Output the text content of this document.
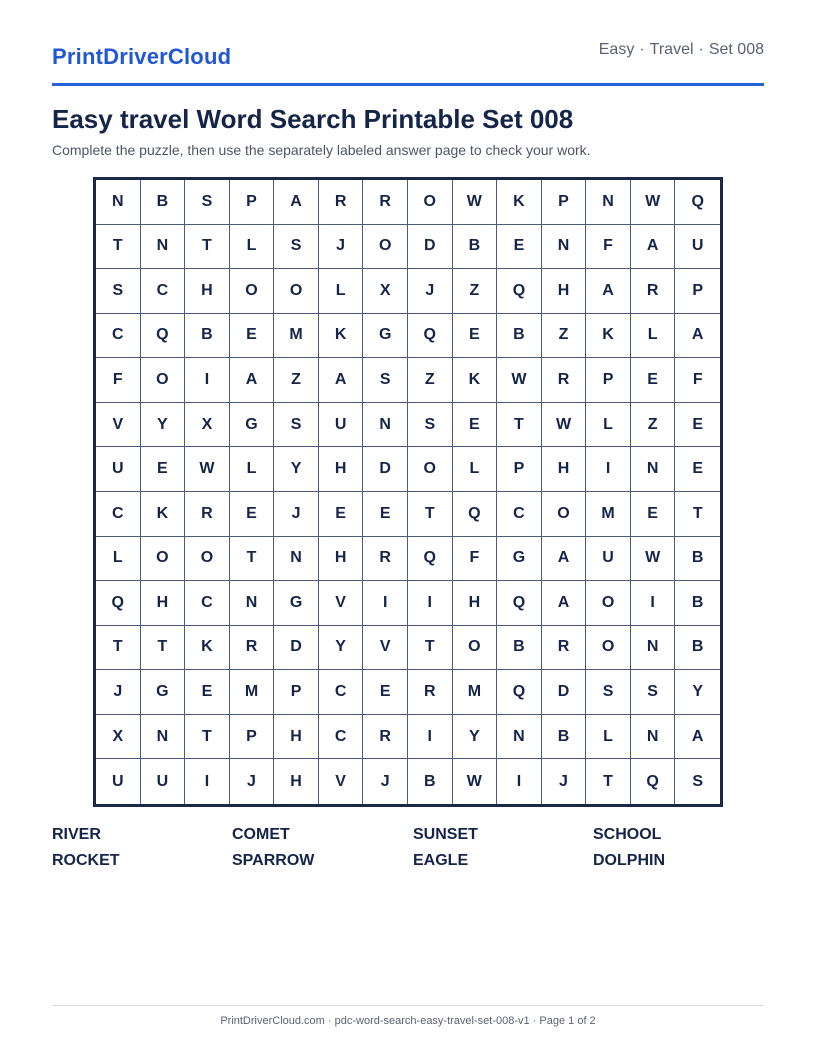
PrintDriverCloud	Easy · Travel · Set 008
Easy travel Word Search Printable Set 008

Complete the puzzle, then use the separately labeled answer page to check your work.

N	B	S	P	A	R	R	O	W	K	P	N	W	Q
T	N	T	L	S	J	O	D	B	E	N	F	A	U
S	C	H	O	O	L	X	J	Z	Q	H	A	R	P
C	Q	B	E	M	K	G	Q	E	B	Z	K	L	A
F	O	I	A	Z	A	S	Z	K	W	R	P	E	F
V	Y	X	G	S	U	N	S	E	T	W	L	Z	E
U	E	W	L	Y	H	D	O	L	P	H	I	N	E
C	K	R	E	J	E	E	T	Q	C	O	M	E	T
L	O	O	T	N	H	R	Q	F	G	A	U	W	B
Q	H	C	N	G	V	I	I	H	Q	A	O	I	B
T	T	K	R	D	Y	V	T	O	B	R	O	N	B
J	G	E	M	P	C	E	R	M	Q	D	S	S	Y
X	N	T	P	H	C	R	I	Y	N	B	L	N	A
U	U	I	J	H	V	J	B	W	I	J	T	Q	S
RIVER	COMET	SUNSET	SCHOOL
ROCKET	SPARROW	EAGLE	DOLPHIN
PrintDriverCloud.com · pdc-word-search-easy-travel-set-008-v1 · Page 1 of 2
